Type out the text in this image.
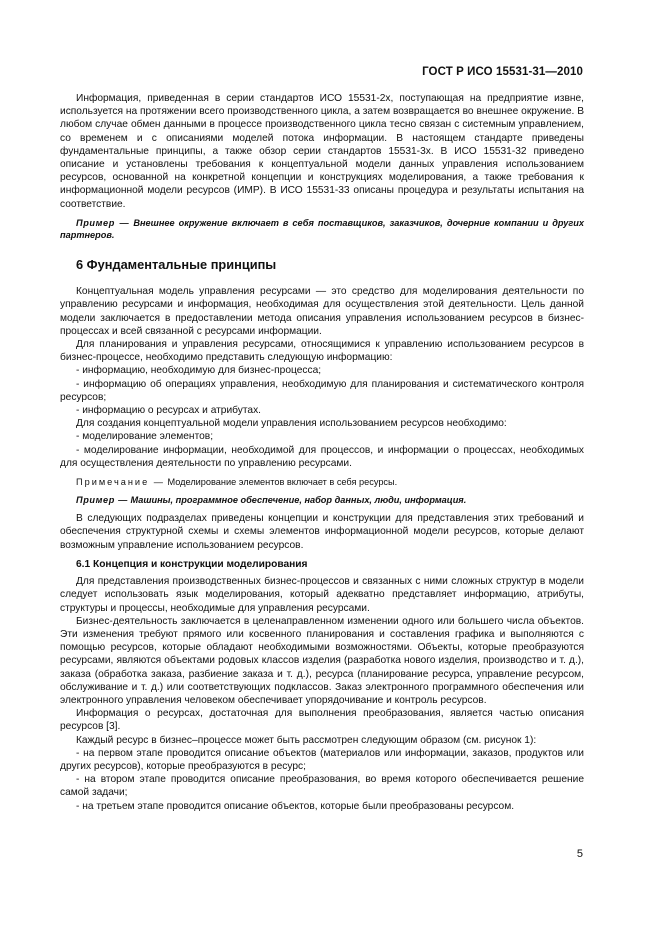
ГОСТ Р ИСО 15531-31—2010

Информация, приведенная в серии стандартов ИСО 15531-2х, поступающая на предприятие извне, используется на протяжении всего производственного цикла, а затем возвращается во внешнее окружение. В любом случае обмен данными в процессе производственного цикла тесно связан с системным управлением, со временем и с описаниями моделей потока информации. В настоящем стандарте приведены фундаментальные принципы, а также обзор серии стандартов 15531-3х. В ИСО 15531-32 приведено описание и установлены требования к концептуальной модели данных управления использованием ресурсов, основанной на конкретной концепции и конструкциях моделирования, а также требования к информационной модели ресурсов (ИМР). В ИСО 15531-33 описаны процедура и результаты испытания на соответствие.

Пример — Внешнее окружение включает в себя поставщиков, заказчиков, дочерние компании и других партнеров.

6 Фундаментальные принципы

Концептуальная модель управления ресурсами — это средство для моделирования деятельности по управлению ресурсами и информация, необходимая для осуществления этой деятельности. Цель данной модели заключается в предоставлении метода описания управления использованием ресурсов в бизнес-процессах и всей связанной с ресурсами информации.

Для планирования и управления ресурсами, относящимися к управлению использованием ресурсов в бизнес-процессе, необходимо представить следующую информацию:

- информацию, необходимую для бизнес-процесса;

- информацию об операциях управления, необходимую для планирования и систематического контроля ресурсов;

- информацию о ресурсах и атрибутах.

Для создания концептуальной модели управления использованием ресурсов необходимо:

- моделирование элементов;

- моделирование информации, необходимой для процессов, и информации о процессах, необходимых для осуществления деятельности по управлению ресурсами.

Примечание — Моделирование элементов включает в себя ресурсы.

Пример — Машины, программное обеспечение, набор данных, люди, информация.

В следующих подразделах приведены концепции и конструкции для представления этих требований и обеспечения структурной схемы и схемы элементов информационной модели ресурсов, которые делают возможным управление использованием ресурсов.

6.1 Концепция и конструкции моделирования

Для представления производственных бизнес-процессов и связанных с ними сложных структур в модели следует использовать язык моделирования, который адекватно представляет информацию, атрибуты, структуры и процессы, необходимые для управления ресурсами.

Бизнес-деятельность заключается в целенаправленном изменении одного или большего числа объектов. Эти изменения требуют прямого или косвенного планирования и составления графика и выполняются с помощью ресурсов, которые обладают необходимыми возможностями. Объекты, которые преобразуются ресурсами, являются объектами родовых классов изделия (разработка нового изделия, производство и т. д.), заказа (обработка заказа, разбиение заказа и т. д.), ресурса (планирование ресурса, управление ресурсом, обслуживание и т. д.) или соответствующих подклассов. Заказ электронного программного обеспечения или электронного управления человеком обеспечивает упорядочивание и контроль ресурсов.

Информация о ресурсах, достаточная для выполнения преобразования, является частью описания ресурсов [3].

Каждый ресурс в бизнес–процессе может быть рассмотрен следующим образом (см. рисунок 1):

- на первом этапе проводится описание объектов (материалов или информации, заказов, продуктов или других ресурсов), которые преобразуются в ресурс;

- на втором этапе проводится описание преобразования, во время которого обеспечивается решение самой задачи;

- на третьем этапе проводится описание объектов, которые были преобразованы ресурсом.

5
